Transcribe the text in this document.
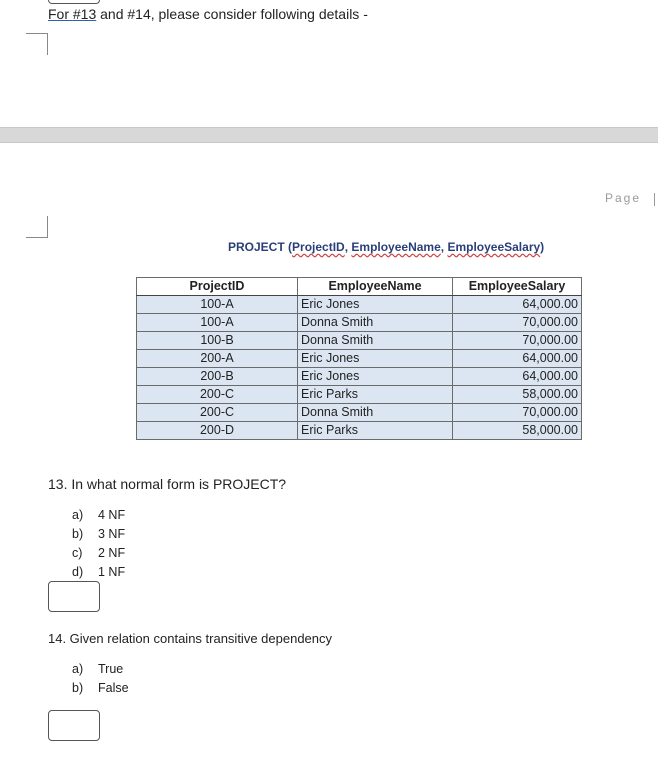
For #13 and #14, please consider following details -
Page
PROJECT (ProjectID, EmployeeName, EmployeeSalary)
ProjectID	EmployeeName	EmployeeSalary
100-A	Eric Jones	64,000.00
100-A	Donna Smith	70,000.00
100-B	Donna Smith	70,000.00
200-A	Eric Jones	64,000.00
200-B	Eric Jones	64,000.00
200-C	Eric Parks	58,000.00
200-C	Donna Smith	70,000.00
200-D	Eric Parks	58,000.00
13. In what normal form is PROJECT?
a) 4 NF
b) 3 NF
c) 2 NF
d) 1 NF
14. Given relation contains transitive dependency
a) True
b) False
